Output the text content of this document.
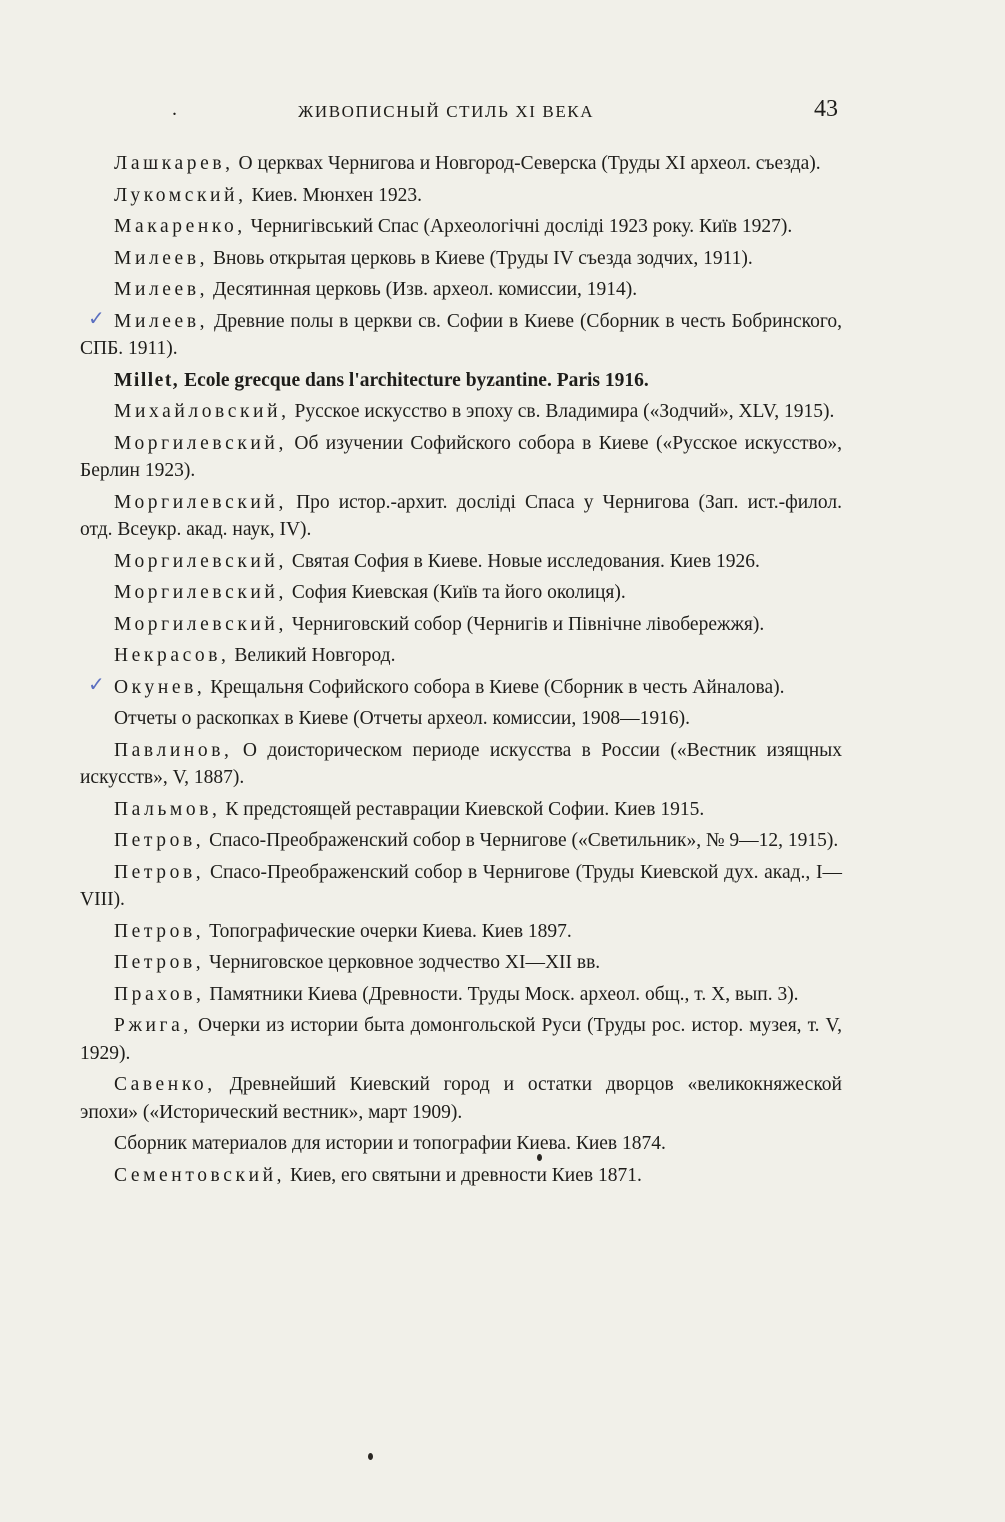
.	ЖИВОПИСНЫЙ СТИЛЬ XI ВЕКА	43

Лашкарев, О церквах Чернигова и Новгород-Северска (Труды XI археол. съезда).

Лукомский, Киев. Мюнхен 1923.

Макаренко, Чернигівський Спас (Археологічні досліді 1923 року. Київ 1927).

Милеев, Вновь открытая церковь в Киеве (Труды IV съезда зодчих, 1911).

Милеев, Десятинная церковь (Изв. археол. комиссии, 1914).

✓ Милеев, Древние полы в церкви св. Софии в Киеве (Сборник в честь Бобринского, СПБ. 1911).

Millet, Ecole grecque dans l'architecture byzantine. Paris 1916.

Михайловский, Русское искусство в эпоху св. Владимира («Зодчий», XLV, 1915).

Моргилевский, Об изучении Софийского собора в Киеве («Русское искусство», Берлин 1923).

Моргилевский, Про истор.-архит. досліді Спаса у Чернигова (Зап. ист.-филол. отд. Всеукр. акад. наук, IV).

Моргилевский, Святая София в Киеве. Новые исследования. Киев 1926.

Моргилевский, София Киевская (Київ та його околиця).

Моргилевский, Черниговский собор (Чернигів и Північне лівобережжя).

Некрасов, Великий Новгород.

✓ Окунев, Крещальня Софийского собора в Киеве (Сборник в честь Айналова).

Отчеты о раскопках в Киеве (Отчеты археол. комиссии, 1908—1916).

Павлинов, О доисторическом периоде искусства в России («Вестник изящных искусств», V, 1887).

Пальмов, К предстоящей реставрации Киевской Софии. Киев 1915.

Петров, Спасо-Преображенский собор в Чернигове («Светильник», № 9—12, 1915).

Петров, Спасо-Преображенский собор в Чернигове (Труды Киевской дух. акад., I—VIII).

Петров, Топографические очерки Киева. Киев 1897.

Петров, Черниговское церковное зодчество XI—XII вв.

Прахов, Памятники Киева (Древности. Труды Моск. археол. общ., т. X, вып. 3).

Ржига, Очерки из истории быта домонгольской Руси (Труды рос. истор. музея, т. V, 1929).

Савенко, Древнейший Киевский город и остатки дворцов «великокняжеской эпохи» («Исторический вестник», март 1909).

Сборник материалов для истории и топографии Киева. Киев 1874.

Сементовский, Киев, его святыни и древности Киев 1871.
